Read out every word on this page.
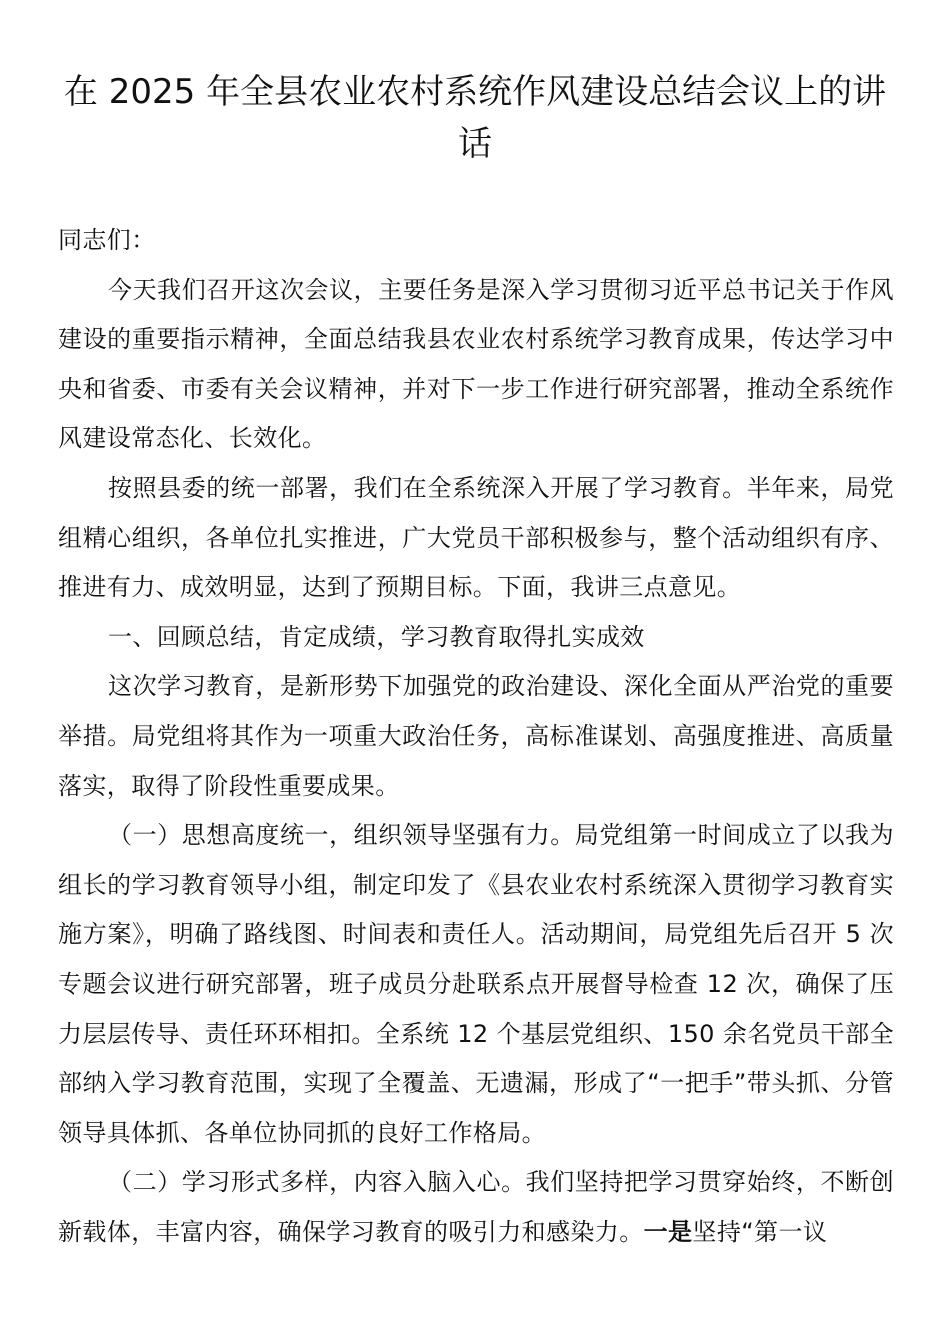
在 2025 年全县农业农村系统作风建设总结会议上的讲话

同志们：

今天我们召开这次会议，主要任务是深入学习贯彻习近平总书记关于作风建设的重要指示精神，全面总结我县农业农村系统学习教育成果，传达学习中央和省委、市委有关会议精神，并对下一步工作进行研究部署，推动全系统作风建设常态化、长效化。

按照县委的统一部署，我们在全系统深入开展了学习教育。半年来，局党组精心组织，各单位扎实推进，广大党员干部积极参与，整个活动组织有序、推进有力、成效明显，达到了预期目标。下面，我讲三点意见。

一、回顾总结，肯定成绩，学习教育取得扎实成效

这次学习教育，是新形势下加强党的政治建设、深化全面从严治党的重要举措。局党组将其作为一项重大政治任务，高标准谋划、高强度推进、高质量落实，取得了阶段性重要成果。

（一）思想高度统一，组织领导坚强有力。局党组第一时间成立了以我为组长的学习教育领导小组，制定印发了《县农业农村系统深入贯彻学习教育实施方案》，明确了路线图、时间表和责任人。活动期间，局党组先后召开 5 次专题会议进行研究部署，班子成员分赴联系点开展督导检查 12 次，确保了压力层层传导、责任环环相扣。全系统 12 个基层党组织、150 余名党员干部全部纳入学习教育范围，实现了全覆盖、无遗漏，形成了“一把手”带头抓、分管领导具体抓、各单位协同抓的良好工作格局。

（二）学习形式多样，内容入脑入心。我们坚持把学习贯穿始终，不断创新载体，丰富内容，确保学习教育的吸引力和感染力。一是坚持“第一议
